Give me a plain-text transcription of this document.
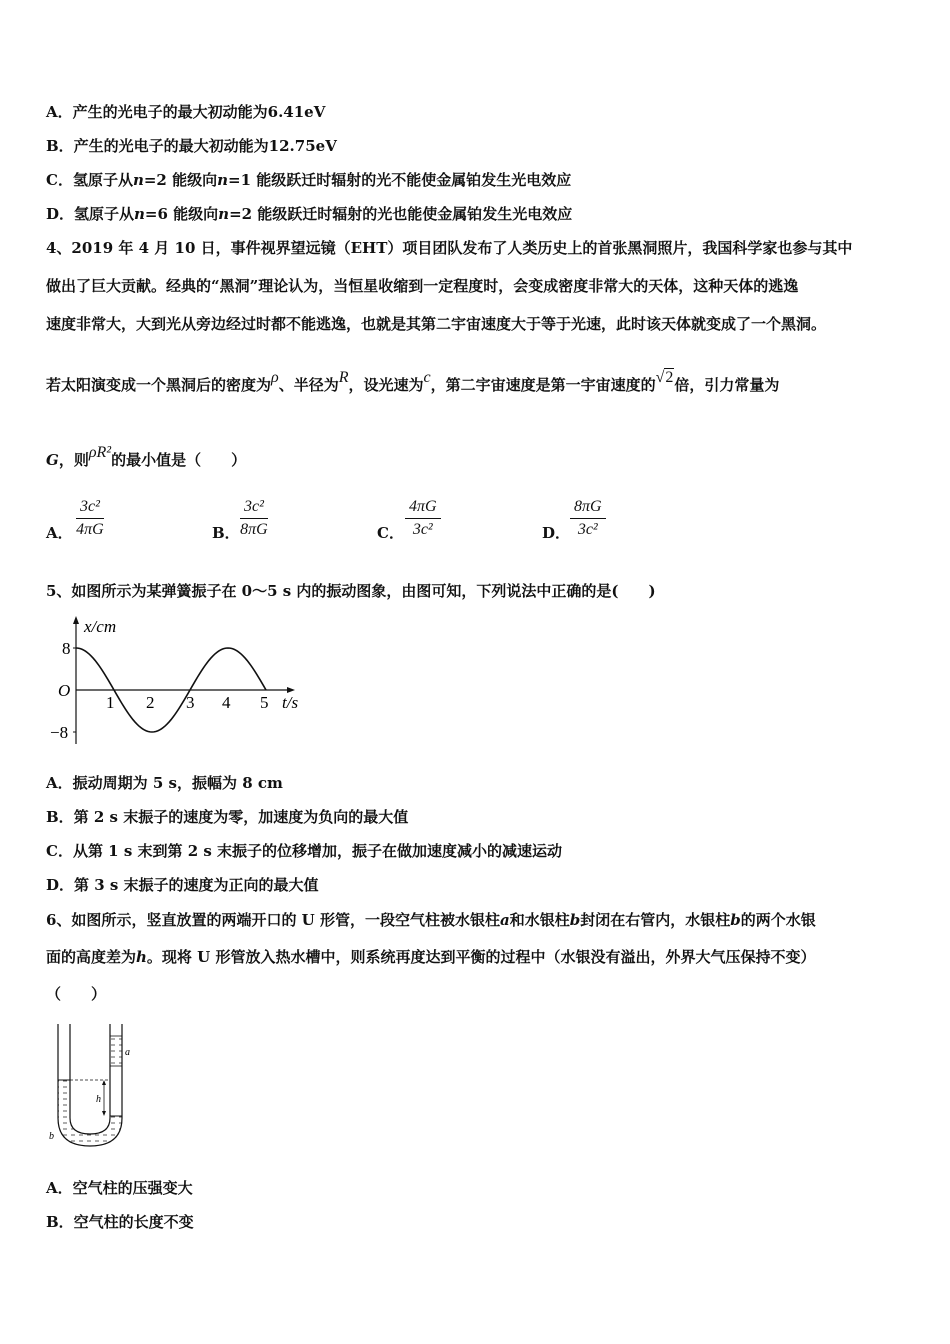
A．产生的光电子的最大初动能为6.41eV
B．产生的光电子的最大初动能为12.75eV
C．氢原子从n=2 能级向n=1 能级跃迁时辐射的光不能使金属铂发生光电效应
D．氢原子从n=6 能级向n=2 能级跃迁时辐射的光也能使金属铂发生光电效应
4、2019 年 4 月 10 日，事件视界望远镜（EHT）项目团队发布了人类历史上的首张黑洞照片，我国科学家也参与其中
做出了巨大贡献。经典的“黑洞”理论认为，当恒星收缩到一定程度时，会变成密度非常大的天体，这种天体的逃逸
速度非常大，大到光从旁边经过时都不能逃逸，也就是其第二宇宙速度大于等于光速，此时该天体就变成了一个黑洞。
若太阳演变成一个黑洞后的密度为ρ、半径为R，设光速为c，第二宇宙速度是第一宇宙速度的√2倍，引力常量为
G，则ρR²的最小值是（　　）
A． $\frac{\text{3c²}}{4\pi G}$	B． $\frac{\text{3c²}}{8\pi G}$	C． $\frac{4\pi G}{\text{3c²}}$	D． $\frac{8\pi G}{\text{3c²}}$
5、如图所示为某弹簧振子在 0～5 s 内的振动图象，由图可知，下列说法中正确的是(　　)
x/cm
t/s
O
8
−8
1 2 3 4 5
A．振动周期为 5 s，振幅为 8 cm
B．第 2 s 末振子的速度为零，加速度为负向的最大值
C．从第 1 s 末到第 2 s 末振子的位移增加，振子在做加速度减小的减速运动
D．第 3 s 末振子的速度为正向的最大值
6、如图所示，竖直放置的两端开口的 U 形管，一段空气柱被水银柱a和水银柱b封闭在右管内，水银柱b的两个水银
面的高度差为h。现将 U 形管放入热水槽中，则系统再度达到平衡的过程中（水银没有溢出，外界大气压保持不变）
（　　）
h
a
b
A．空气柱的压强变大
B．空气柱的长度不变
